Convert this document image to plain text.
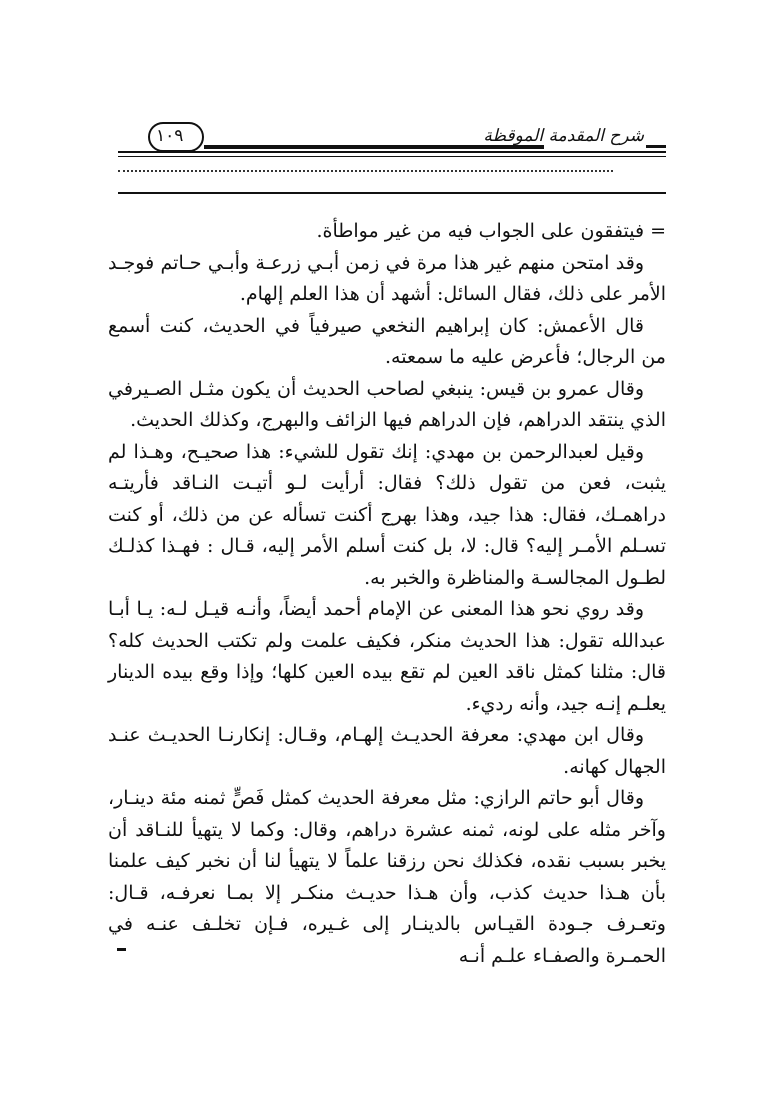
١٠٩	شرح المقدمة الموقظة

= فيتفقون على الجواب فيه من غير مواطأة.

وقد امتحن منهم غير هذا مرة في زمن أبـي زرعـة وأبـي حـاتم فوجـد الأمر على ذلك، فقال السائل: أشهد أن هذا العلم إلهام.

قال الأعمش: كان إبراهيم النخعي صيرفياً في الحديث، كنت أسمع من الرجال؛ فأعرض عليه ما سمعته.

وقال عمرو بن قيس: ينبغي لصاحب الحديث أن يكون مثـل الصـيرفي الذي ينتقد الدراهم، فإن الدراهم فيها الزائف والبهرج، وكذلك الحديث.

وقيل لعبدالرحمن بن مهدي: إنك تقول للشيء: هذا صحيـح، وهـذا لم يثبت، فعن من تقول ذلك؟ فقال: أرأيت لـو أتيـت النـاقد فأريتـه دراهمـك، فقال: هذا جيد، وهذا بهرج أكنت تسأله عن من ذلك، أو كنت تسـلم الأمـر إليه؟ قال: لا، بل كنت أسلم الأمر إليه، قـال : فهـذا كذلـك لطـول المجالسـة والمناظرة والخبر به.

وقد روي نحو هذا المعنى عن الإمام أحمد أيضاً، وأنـه قيـل لـه: يـا أبـا عبدالله تقول: هذا الحديث منكر، فكيف علمت ولم تكتب الحديث كله؟ قال: مثلنا كمثل ناقد العين لم تقع بيده العين كلها؛ وإذا وقع بيده الدينار يعلـم إنـه جيد، وأنه رديء.

وقال ابن مهدي: معرفة الحديـث إلهـام، وقـال: إنكارنـا الحديـث عنـد الجهال كهانه.

وقال أبو حاتم الرازي: مثل معرفة الحديث كمثل فَصٍّ ثمنه مئة دينـار، وآخر مثله على لونه، ثمنه عشرة دراهم، وقال: وكما لا يتهيأ للنـاقد أن يخبر بسبب نقده، فكذلك نحن رزقنا علماً لا يتهيأ لنا أن نخبر كيف علمنا بأن هـذا حديث كذب، وأن هـذا حديـث منكـر إلا بمـا نعرفـه، قـال: وتعـرف جـودة القيـاس بالدينـار إلى غـيره، فـإن تخلـف عنـه في الحمـرة والصفـاء علـم أنـه
